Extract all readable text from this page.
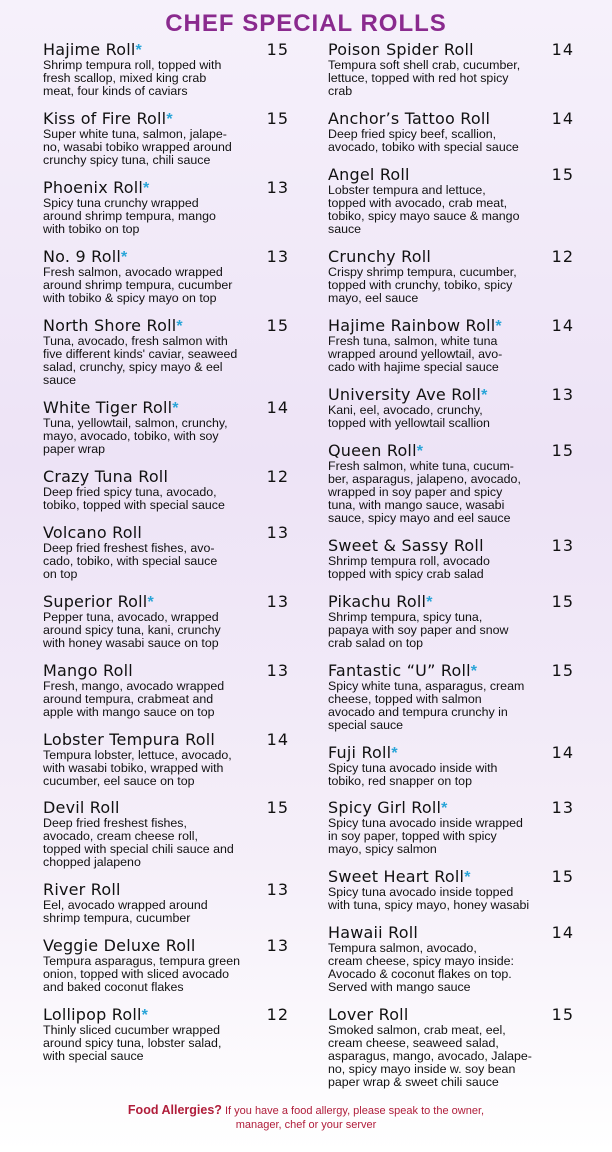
CHEF SPECIAL ROLLS
Hajime Roll*	15
Shrimp tempura roll, topped with
fresh scallop, mixed king crab
meat, four kinds of caviars
Kiss of Fire Roll*	15
Super white tuna, salmon, jalape-
no, wasabi tobiko wrapped around
crunchy spicy tuna, chili sauce
Phoenix Roll*	13
Spicy tuna crunchy wrapped
around shrimp tempura, mango
with tobiko on top
No. 9 Roll*	13
Fresh salmon, avocado wrapped
around shrimp tempura, cucumber
with tobiko & spicy mayo on top
North Shore Roll*	15
Tuna, avocado, fresh salmon with
five different kinds' caviar, seaweed
salad, crunchy, spicy mayo & eel
sauce
White Tiger Roll*	14
Tuna, yellowtail, salmon, crunchy,
mayo, avocado, tobiko, with soy
paper wrap
Crazy Tuna Roll	12
Deep fried spicy tuna, avocado,
tobiko, topped with special sauce
Volcano Roll	13
Deep fried freshest fishes, avo-
cado, tobiko, with special sauce
on top
Superior Roll*	13
Pepper tuna, avocado, wrapped
around spicy tuna, kani, crunchy
with honey wasabi sauce on top
Mango Roll	13
Fresh, mango, avocado wrapped
around tempura, crabmeat and
apple with mango sauce on top
Lobster Tempura Roll	14
Tempura lobster, lettuce, avocado,
with wasabi tobiko, wrapped with
cucumber, eel sauce on top
Devil Roll	15
Deep fried freshest fishes,
avocado, cream cheese roll,
topped with special chili sauce and
chopped jalapeno
River Roll	13
Eel, avocado wrapped around
shrimp tempura, cucumber
Veggie Deluxe Roll	13
Tempura asparagus, tempura green
onion, topped with sliced avocado
and baked coconut flakes
Lollipop Roll*	12
Thinly sliced cucumber wrapped
around spicy tuna, lobster salad,
with special sauce
Poison Spider Roll	14
Tempura soft shell crab, cucumber,
lettuce, topped with red hot spicy
crab
Anchor’s Tattoo Roll	14
Deep fried spicy beef, scallion,
avocado, tobiko with special sauce
Angel Roll	15
Lobster tempura and lettuce,
topped with avocado, crab meat,
tobiko, spicy mayo sauce & mango
sauce
Crunchy Roll	12
Crispy shrimp tempura, cucumber,
topped with crunchy, tobiko, spicy
mayo, eel sauce
Hajime Rainbow Roll*	14
Fresh tuna, salmon, white tuna
wrapped around yellowtail, avo-
cado with hajime special sauce
University Ave Roll*	13
Kani, eel, avocado, crunchy,
topped with yellowtail scallion
Queen Roll*	15
Fresh salmon, white tuna, cucum-
ber, asparagus, jalapeno, avocado,
wrapped in soy paper and spicy
tuna, with mango sauce, wasabi
sauce, spicy mayo and eel sauce
Sweet & Sassy Roll	13
Shrimp tempura roll, avocado
topped with spicy crab salad
Pikachu Roll*	15
Shrimp tempura, spicy tuna,
papaya with soy paper and snow
crab salad on top
Fantastic “U” Roll*	15
Spicy white tuna, asparagus, cream
cheese, topped with salmon
avocado and tempura crunchy in
special sauce
Fuji Roll*	14
Spicy tuna avocado inside with
tobiko, red snapper on top
Spicy Girl Roll*	13
Spicy tuna avocado inside wrapped
in soy paper, topped with spicy
mayo, spicy salmon
Sweet Heart Roll*	15
Spicy tuna avocado inside topped
with tuna, spicy mayo, honey wasabi
Hawaii Roll	14
Tempura salmon, avocado,
cream cheese, spicy mayo inside:
Avocado & coconut flakes on top.
Served with mango sauce
Lover Roll	15
Smoked salmon, crab meat, eel,
cream cheese, seaweed salad,
asparagus, mango, avocado, Jalape-
no, spicy mayo inside w. soy bean
paper wrap & sweet chili sauce
Food Allergies? If you have a food allergy, please speak to the owner,
manager, chef or your server
